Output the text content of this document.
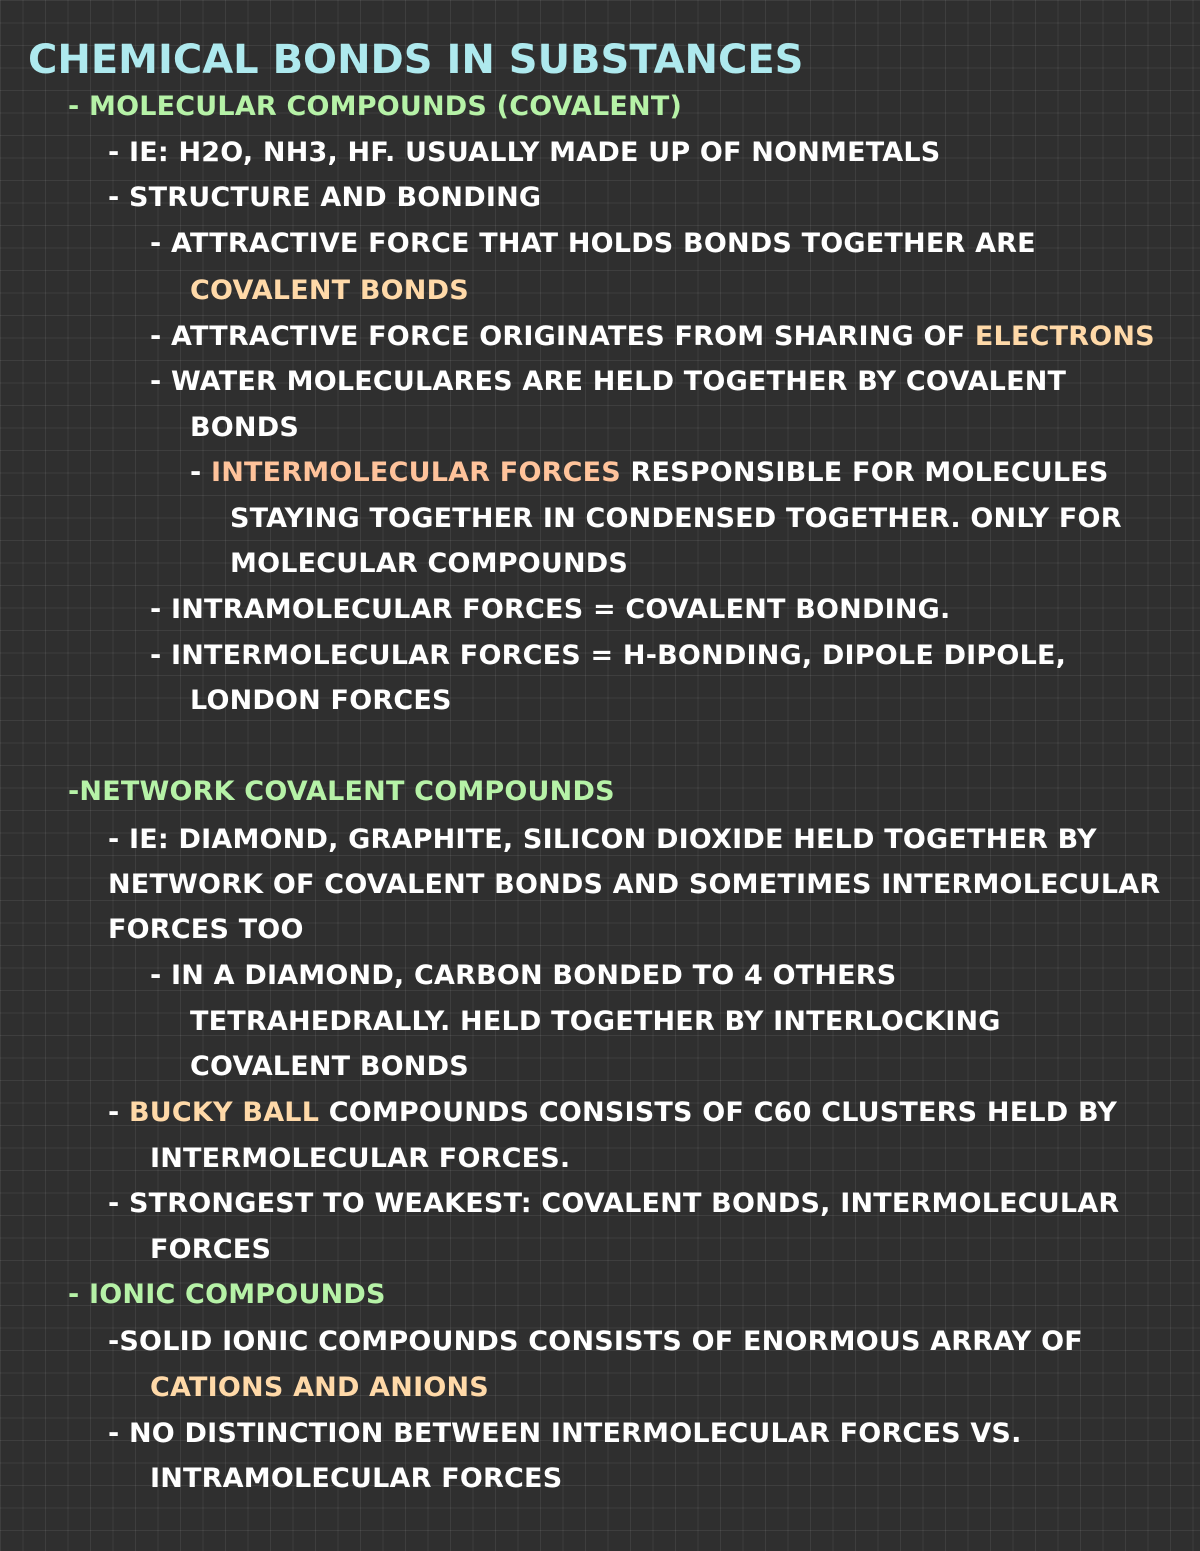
CHEMICAL BONDS IN SUBSTANCES
- MOLECULAR COMPOUNDS (COVALENT)
- IE: H2O, NH3, HF. USUALLY MADE UP OF NONMETALS
- STRUCTURE AND BONDING
- ATTRACTIVE FORCE THAT HOLDS BONDS TOGETHER ARE
COVALENT BONDS
- ATTRACTIVE FORCE ORIGINATES FROM SHARING OF ELECTRONS
- WATER MOLECULARES ARE HELD TOGETHER BY COVALENT
BONDS
- INTERMOLECULAR FORCES RESPONSIBLE FOR MOLECULES
STAYING TOGETHER IN CONDENSED TOGETHER. ONLY FOR
MOLECULAR COMPOUNDS
- INTRAMOLECULAR FORCES = COVALENT BONDING.
- INTERMOLECULAR FORCES = H-BONDING, DIPOLE DIPOLE,
LONDON FORCES
-NETWORK COVALENT COMPOUNDS
- IE: DIAMOND, GRAPHITE, SILICON DIOXIDE HELD TOGETHER BY
NETWORK OF COVALENT BONDS AND SOMETIMES INTERMOLECULAR
FORCES TOO
- IN A DIAMOND, CARBON BONDED TO 4 OTHERS
TETRAHEDRALLY. HELD TOGETHER BY INTERLOCKING
COVALENT BONDS
- BUCKY BALL COMPOUNDS CONSISTS OF C60 CLUSTERS HELD BY
INTERMOLECULAR FORCES.
- STRONGEST TO WEAKEST: COVALENT BONDS, INTERMOLECULAR
FORCES
- IONIC COMPOUNDS
-SOLID IONIC COMPOUNDS CONSISTS OF ENORMOUS ARRAY OF
CATIONS AND ANIONS
- NO DISTINCTION BETWEEN INTERMOLECULAR FORCES VS.
INTRAMOLECULAR FORCES
